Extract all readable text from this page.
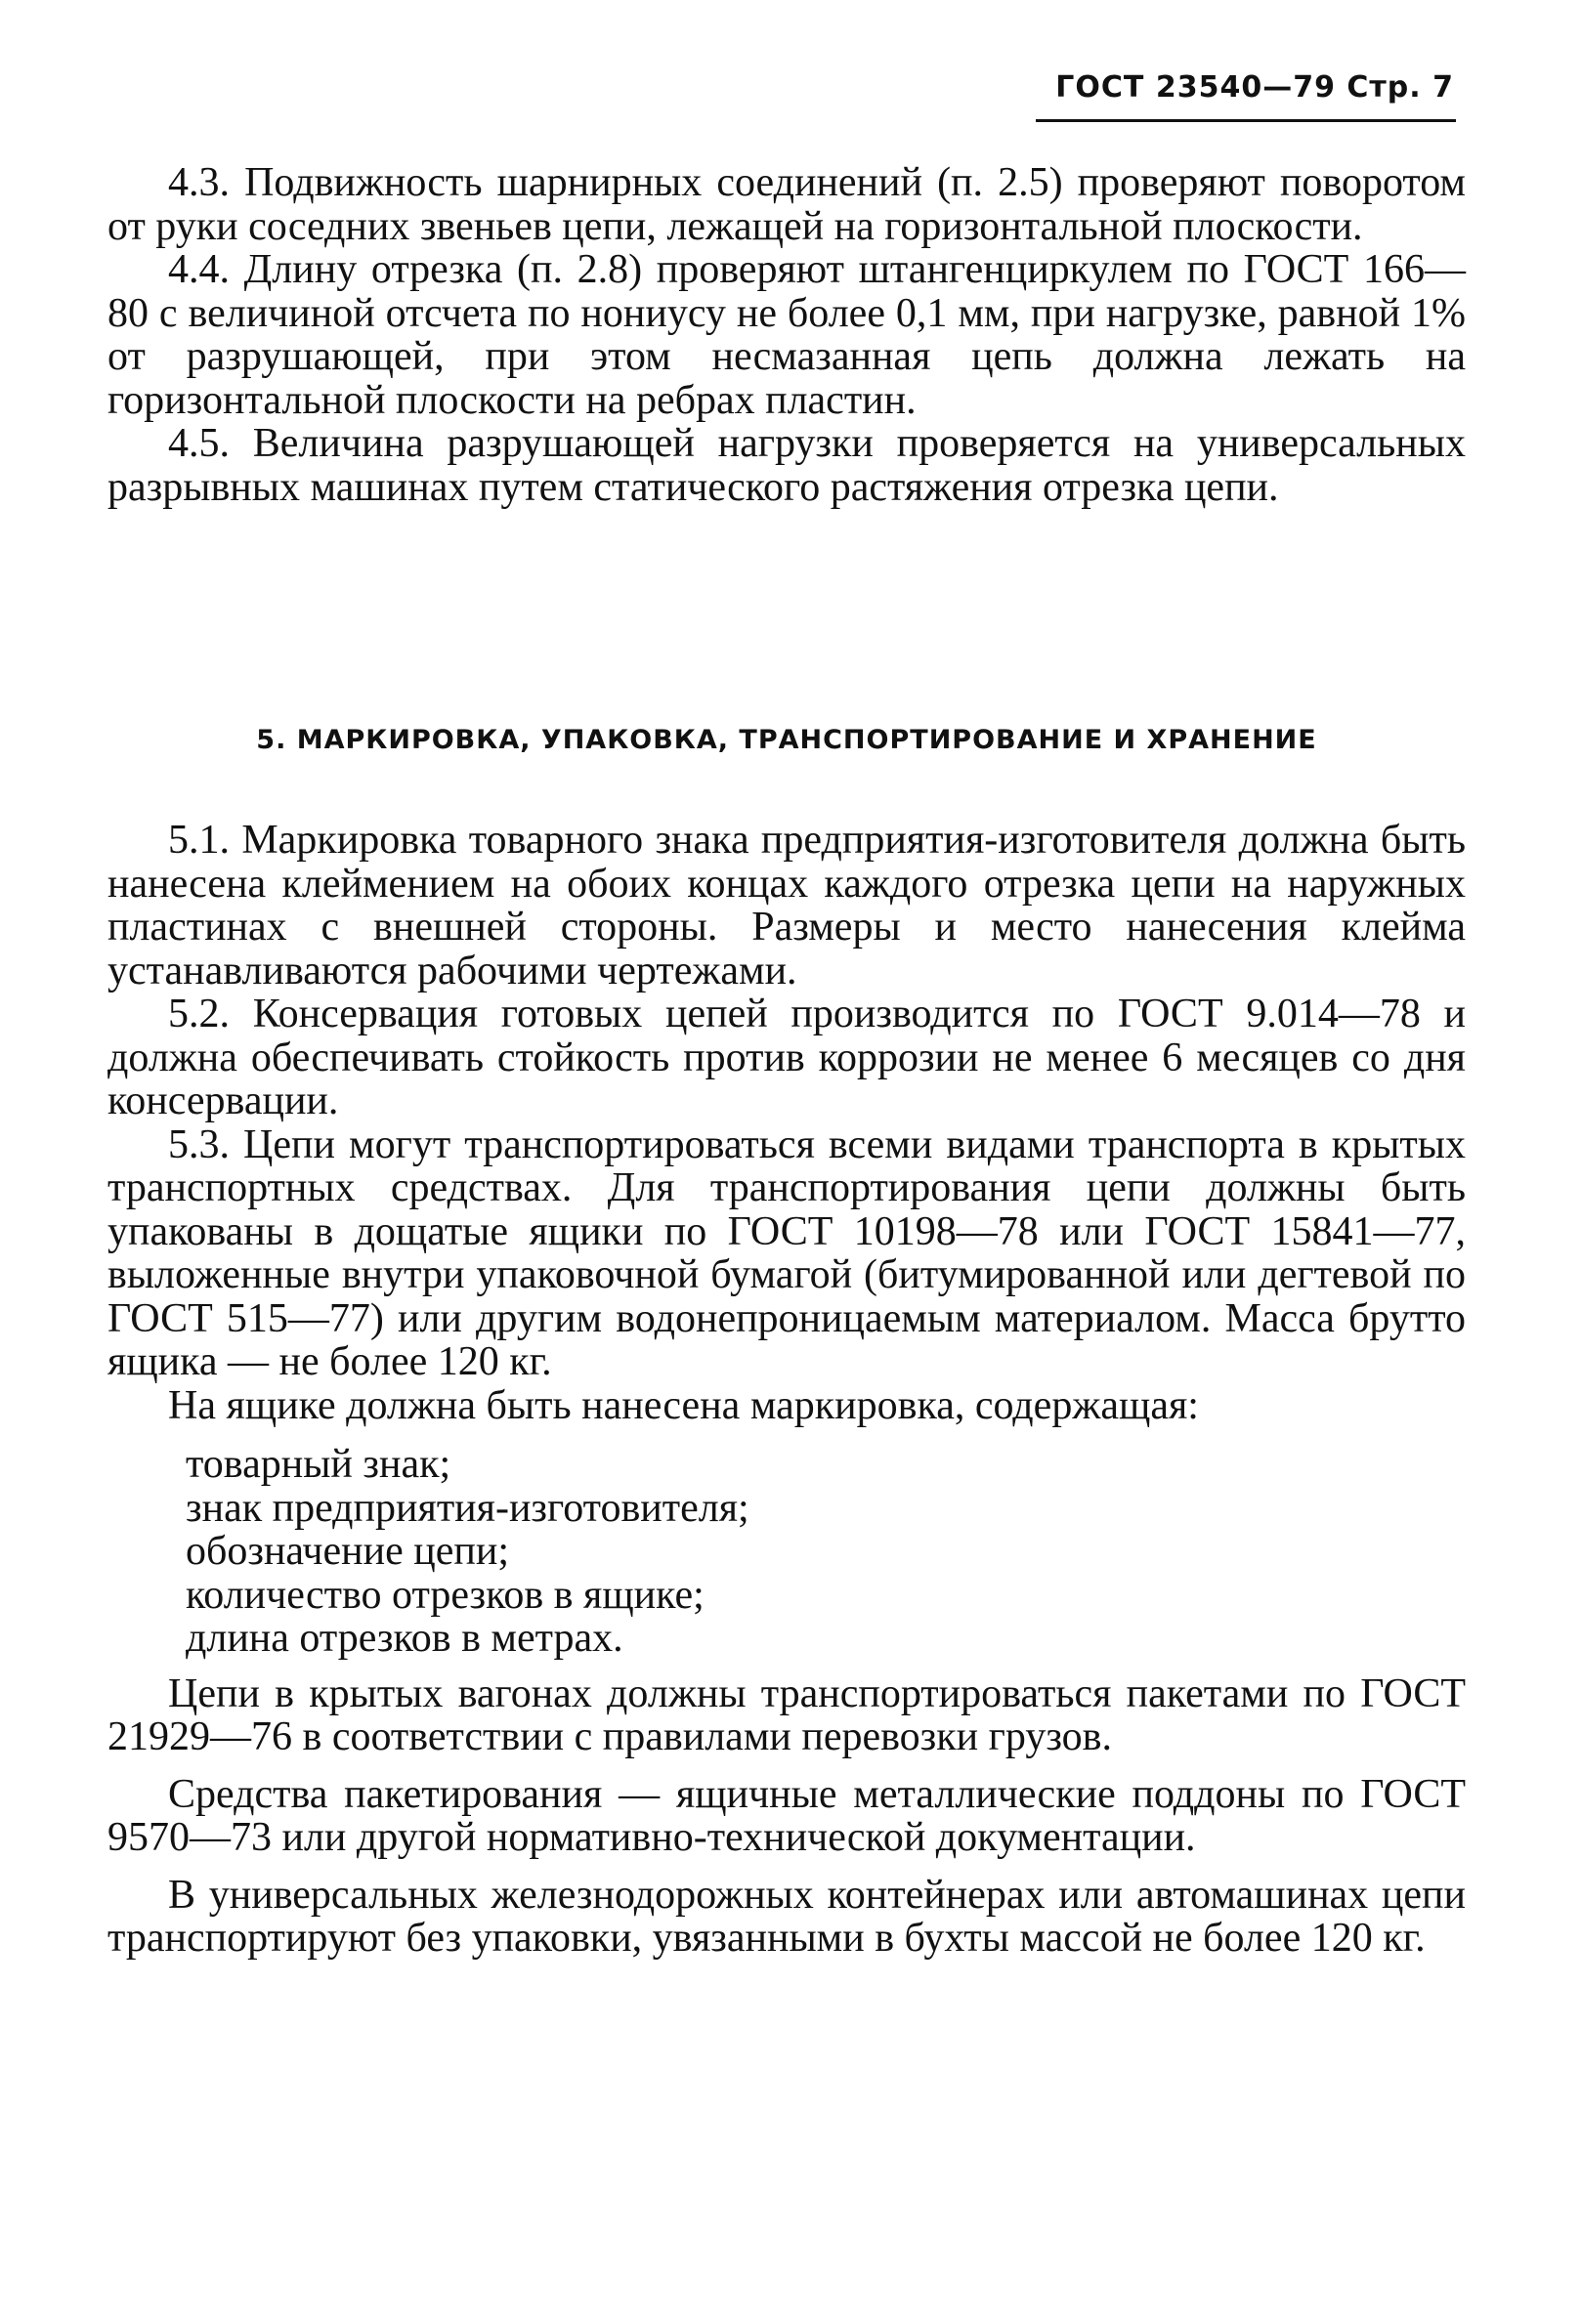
ГОСТ 23540—79 Стр. 7

4.3. Подвижность шарнирных соединений (п. 2.5) проверяют поворотом от руки соседних звеньев цепи, лежащей на горизонтальной плоскости.

4.4. Длину отрезка (п. 2.8) проверяют штангенциркулем по ГОСТ 166—80 с величиной отсчета по нониусу не более 0,1 мм, при нагрузке, равной 1% от разрушающей, при этом несмазанная цепь должна лежать на горизонтальной плоскости на ребрах пластин.

4.5. Величина разрушающей нагрузки проверяется на универсальных разрывных машинах путем статического растяжения отрезка цепи.

5. МАРКИРОВКА, УПАКОВКА, ТРАНСПОРТИРОВАНИЕ И ХРАНЕНИЕ

5.1. Маркировка товарного знака предприятия-изготовителя должна быть нанесена клеймением на обоих концах каждого отрезка цепи на наружных пластинах с внешней стороны. Размеры и место нанесения клейма устанавливаются рабочими чертежами.

5.2. Консервация готовых цепей производится по ГОСТ 9.014—78 и должна обеспечивать стойкость против коррозии не менее 6 месяцев со дня консервации.

5.3. Цепи могут транспортироваться всеми видами транспорта в крытых транспортных средствах. Для транспортирования цепи должны быть упакованы в дощатые ящики по ГОСТ 10198—78 или ГОСТ 15841—77, выложенные внутри упаковочной бумагой (битумированной или дегтевой по ГОСТ 515—77) или другим водонепроницаемым материалом. Масса брутто ящика — не более 120 кг.

На ящике должна быть нанесена маркировка, содержащая:

товарный знак;
знак предприятия-изготовителя;
обозначение цепи;
количество отрезков в ящике;
длина отрезков в метрах.

Цепи в крытых вагонах должны транспортироваться пакетами по ГОСТ 21929—76 в соответствии с правилами перевозки грузов.

Средства пакетирования — ящичные металлические поддоны по ГОСТ 9570—73 или другой нормативно-технической документации.

В универсальных железнодорожных контейнерах или автомашинах цепи транспортируют без упаковки, увязанными в бухты массой не более 120 кг.
